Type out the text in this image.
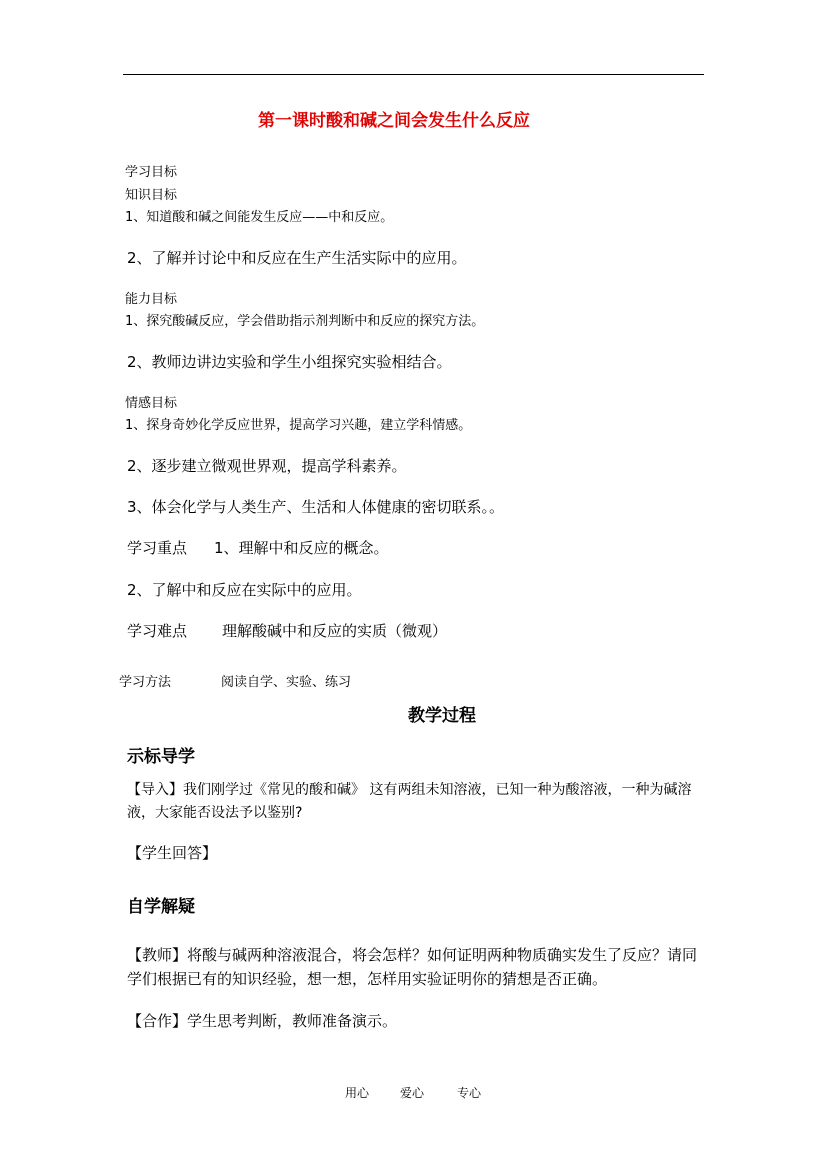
第一课时酸和碱之间会发生什么反应
学习目标
知识目标
1、知道酸和碱之间能发生反应——中和反应。
2、了解并讨论中和反应在生产生活实际中的应用。
能力目标
1、探究酸碱反应，学会借助指示剂判断中和反应的探究方法。
2、教师边讲边实验和学生小组探究实验相结合。
情感目标
1、探身奇妙化学反应世界，提高学习兴趣，建立学科情感。
2、逐步建立微观世界观，提高学科素养。
3、体会化学与人类生产、生活和人体健康的密切联系。。
学习重点 1、理解中和反应的概念。
2、了解中和反应在实际中的应用。
学习难点 理解酸碱中和反应的实质（微观）
学习方法	阅读自学、实验、练习
教学过程
示标导学
【导入】我们刚学过《常见的酸和碱》 这有两组未知溶液，已知一种为酸溶液，一种为碱溶液，大家能否设法予以鉴别?
【学生回答】
自学解疑
【教师】将酸与碱两种溶液混合，将会怎样？如何证明两种物质确实发生了反应？请同学们根据已有的知识经验，想一想，怎样用实验证明你的猜想是否正确。
【合作】学生思考判断，教师准备演示。
用心	爱心	专心
